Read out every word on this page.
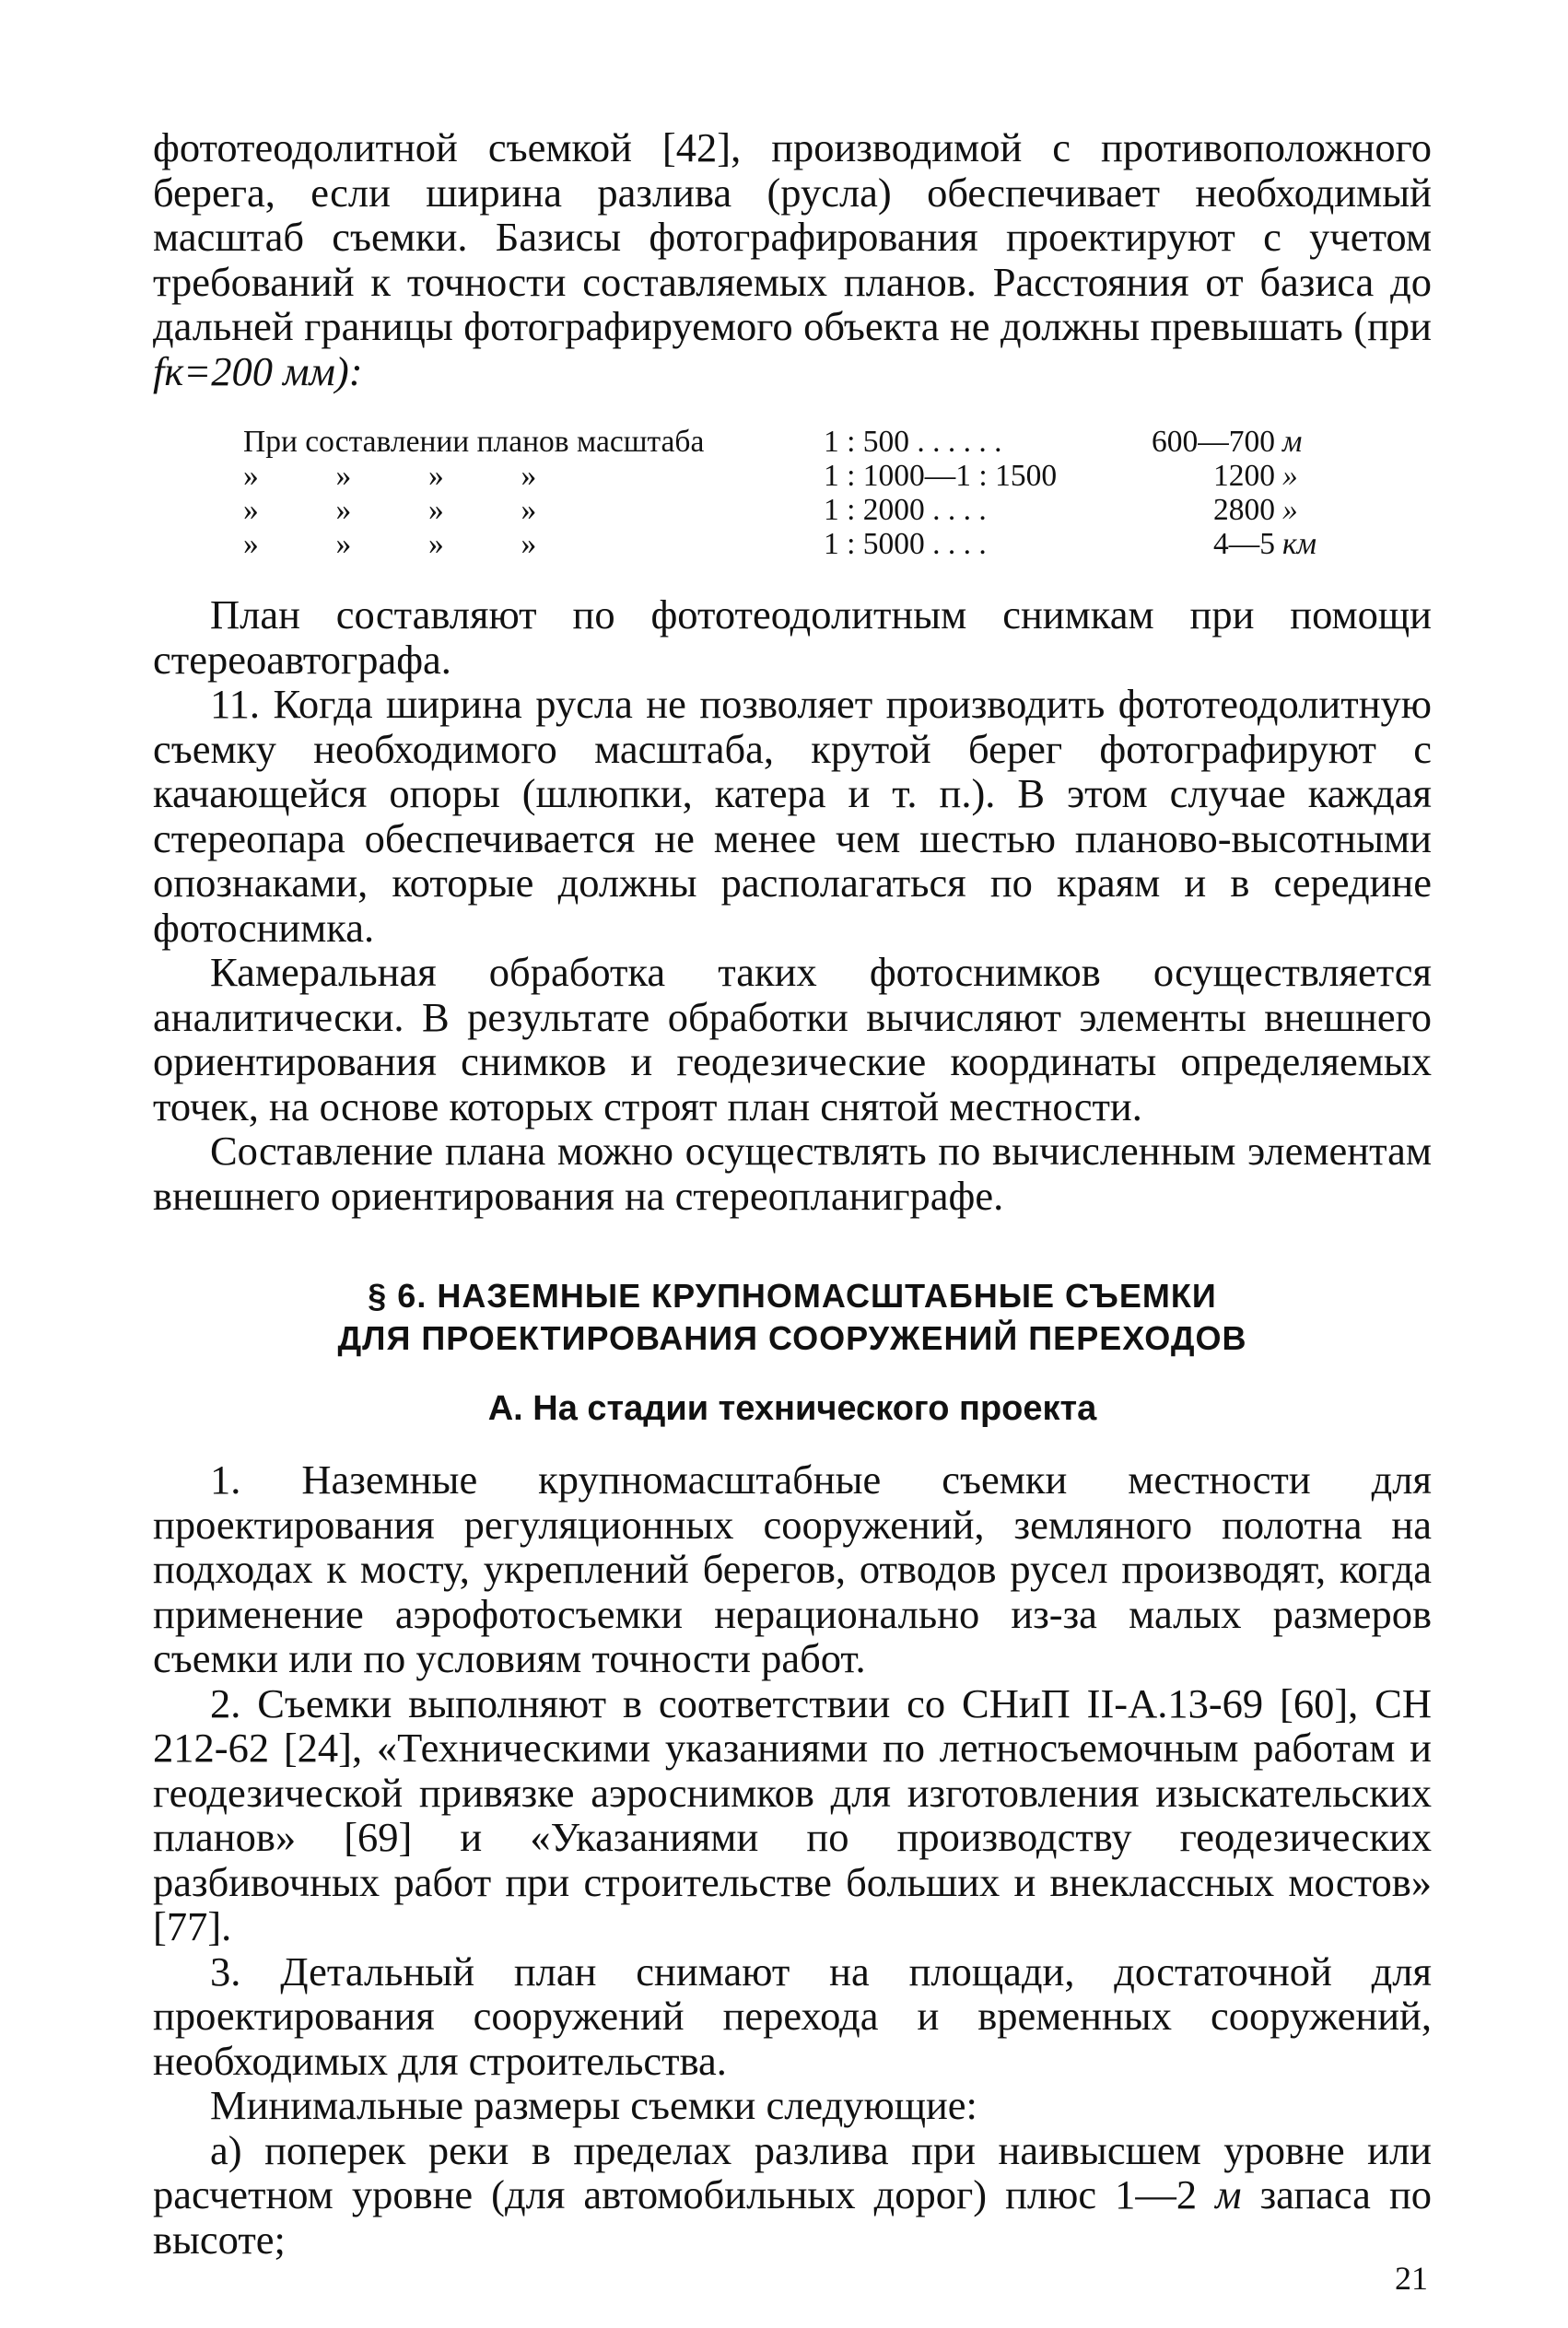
фототеодолитной съемкой [42], производимой с противоположного берега, если ширина разлива (русла) обеспечивает необходимый масштаб съемки. Базисы фотографирования проектируют с учетом требований к точности составляемых планов. Расстояния от базиса до дальней границы фотографируемого объекта не должны превышать (при fк=200 мм):

При составлении планов масштаба	1 : 500 . . . . . .	600—700	м
»          »          »          »	1 : 1000—1 : 1500	1200	»
»          »          »          »	1 : 2000 . . . .	2800	»
»          »          »          »	1 : 5000 . . . .	4—5	км

План составляют по фототеодолитным снимкам при помощи стереоавтографа.

11. Когда ширина русла не позволяет производить фототеодолитную съемку необходимого масштаба, крутой берег фотографируют с качающейся опоры (шлюпки, катера и т. п.). В этом случае каждая стереопара обеспечивается не менее чем шестью планово-высотными опознаками, которые должны располагаться по краям и в середине фотоснимка.

Камеральная обработка таких фотоснимков осуществляется аналитически. В результате обработки вычисляют элементы внешнего ориентирования снимков и геодезические координаты определяемых точек, на основе которых строят план снятой местности.

Составление плана можно осуществлять по вычисленным элементам внешнего ориентирования на стереопланиграфе.

§ 6. НАЗЕМНЫЕ КРУПНОМАСШТАБНЫЕ СЪЕМКИ
ДЛЯ ПРОЕКТИРОВАНИЯ СООРУЖЕНИЙ ПЕРЕХОДОВ
А. На стадии технического проекта

1. Наземные крупномасштабные съемки местности для проектирования регуляционных сооружений, земляного полотна на подходах к мосту, укреплений берегов, отводов русел производят, когда применение аэрофотосъемки нерационально из-за малых размеров съемки или по условиям точности работ.

2. Съемки выполняют в соответствии со СНиП II-А.13-69 [60], СН 212-62 [24], «Техническими указаниями по летносъемочным работам и геодезической привязке аэроснимков для изготовления изыскательских планов» [69] и «Указаниями по производству геодезических разбивочных работ при строительстве больших и внеклассных мостов» [77].

3. Детальный план снимают на площади, достаточной для проектирования сооружений перехода и временных сооружений, необходимых для строительства.

Минимальные размеры съемки следующие:

а) поперек реки в пределах разлива при наивысшем уровне или расчетном уровне (для автомобильных дорог) плюс 1—2 м запаса по высоте;

21
